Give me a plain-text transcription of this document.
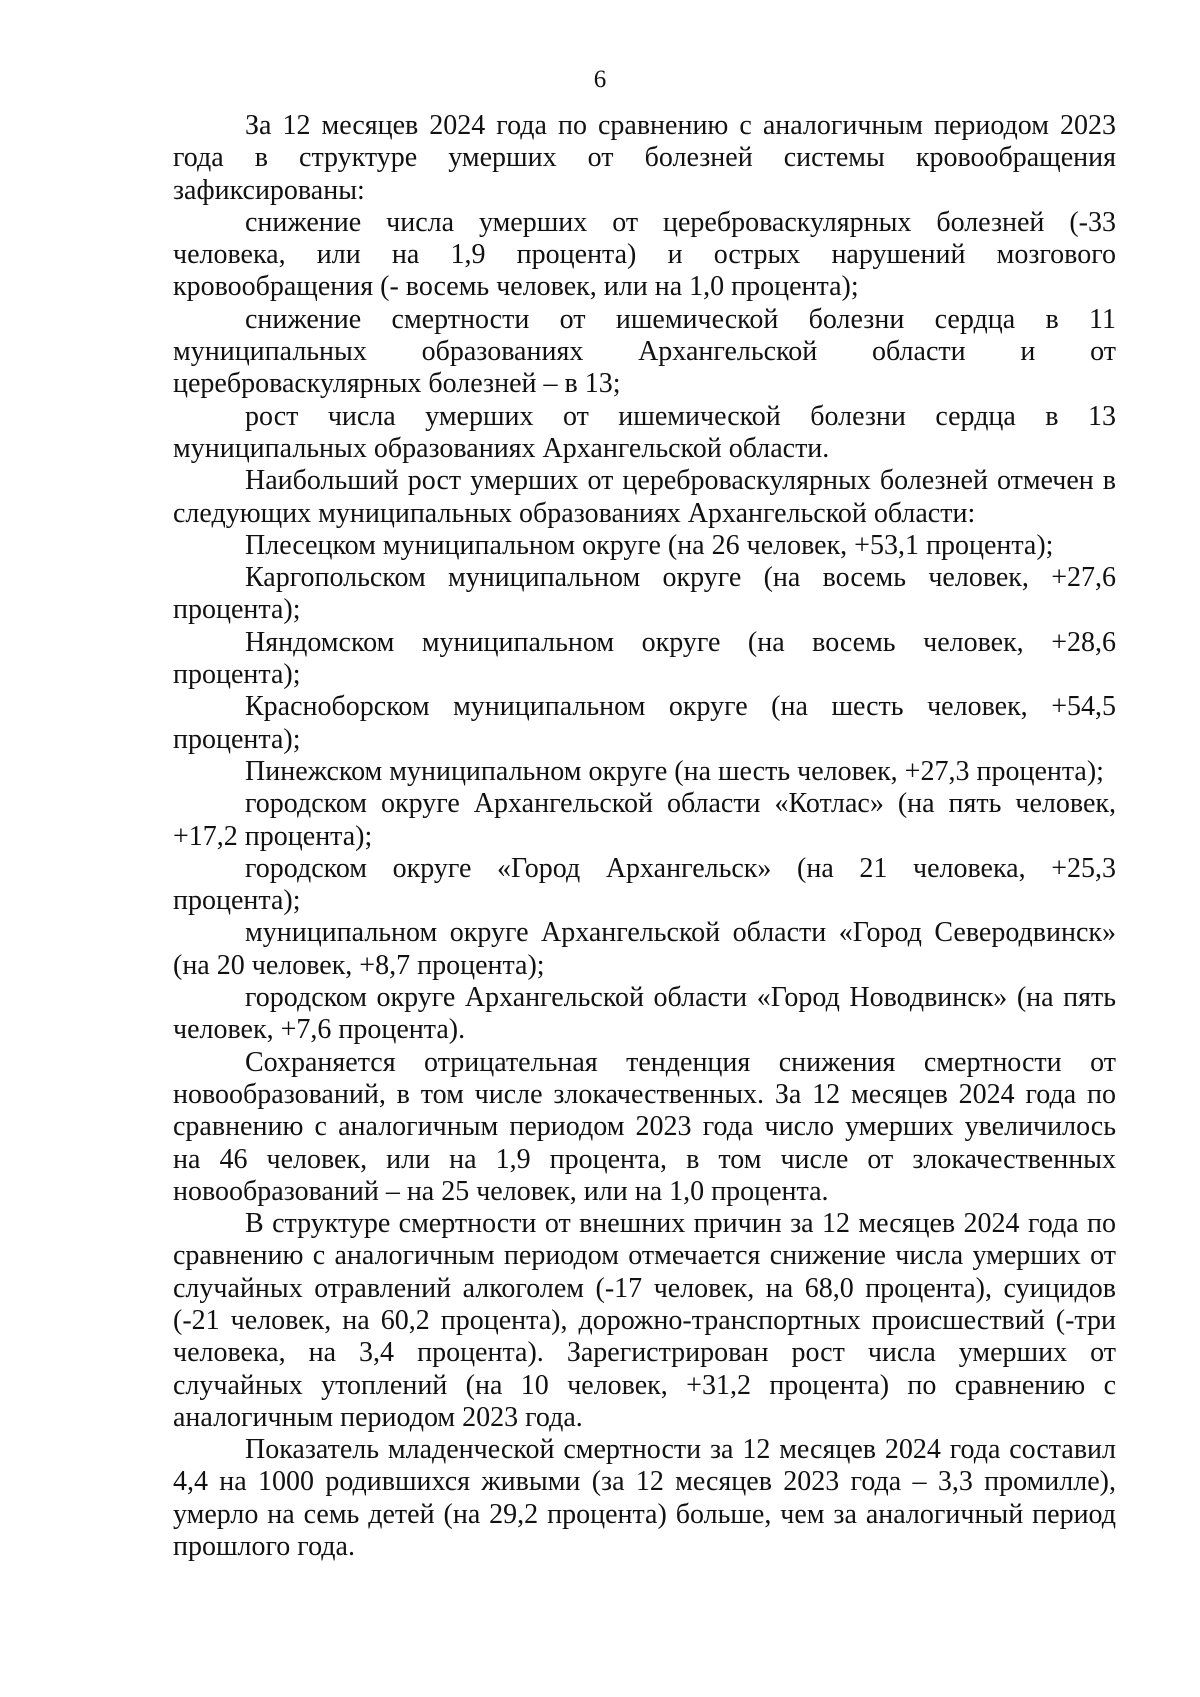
6

За 12 месяцев 2024 года по сравнению с аналогичным периодом 2023 года в структуре умерших от болезней системы кровообращения зафиксированы:

снижение числа умерших от цереброваскулярных болезней (-33 человека, или на 1,9 процента) и острых нарушений мозгового кровообращения (- восемь человек, или на 1,0 процента);

снижение смертности от ишемической болезни сердца в 11 муниципальных образованиях Архангельской области и от цереброваскулярных болезней – в 13;

рост числа умерших от ишемической болезни сердца в 13 муниципальных образованиях Архангельской области.

Наибольший рост умерших от цереброваскулярных болезней отмечен в следующих муниципальных образованиях Архангельской области:

Плесецком муниципальном округе (на 26 человек, +53,1 процента);

Каргопольском муниципальном округе (на восемь человек, +27,6 процента);

Няндомском муниципальном округе (на восемь человек, +28,6 процента);

Красноборском муниципальном округе (на шесть человек, +54,5 процента);

Пинежском муниципальном округе (на шесть человек, +27,3 процента);

городском округе Архангельской области «Котлас» (на пять человек, +17,2 процента);

городском округе «Город Архангельск» (на 21 человека, +25,3 процента);

муниципальном округе Архангельской области «Город Северодвинск» (на 20 человек, +8,7 процента);

городском округе Архангельской области «Город Новодвинск» (на пять человек, +7,6 процента).

Сохраняется отрицательная тенденция снижения смертности от новообразований, в том числе злокачественных. За 12 месяцев 2024 года по сравнению с аналогичным периодом 2023 года число умерших увеличилось на 46 человек, или на 1,9 процента, в том числе от злокачественных новообразований – на 25 человек, или на 1,0 процента.

В структуре смертности от внешних причин за 12 месяцев 2024 года по сравнению с аналогичным периодом отмечается снижение числа умерших от случайных отравлений алкоголем (-17 человек, на 68,0 процента), суицидов (-21 человек, на 60,2 процента), дорожно-транспортных происшествий (-три человека, на 3,4 процента). Зарегистрирован рост числа умерших от случайных утоплений (на 10 человек, +31,2 процента) по сравнению с аналогичным периодом 2023 года.

Показатель младенческой смертности за 12 месяцев 2024 года составил 4,4 на 1000 родившихся живыми (за 12 месяцев 2023 года – 3,3 промилле), умерло на семь детей (на 29,2 процента) больше, чем за аналогичный период прошлого года.
